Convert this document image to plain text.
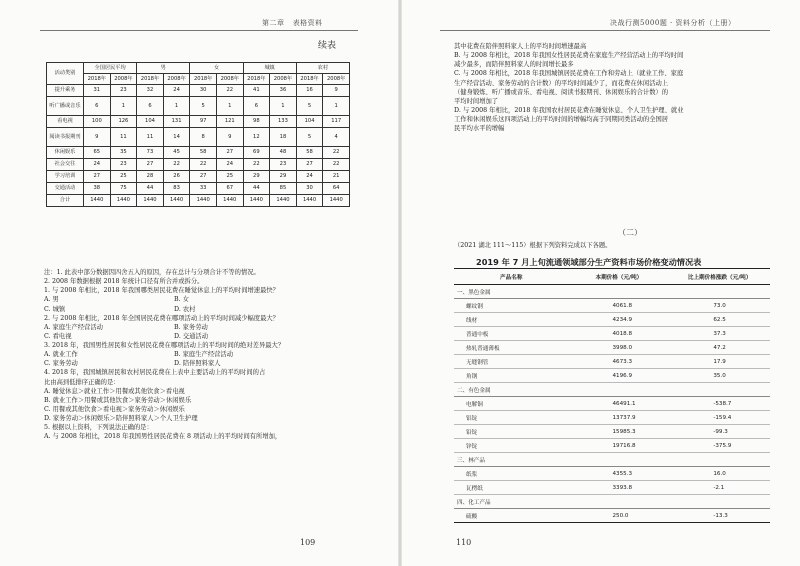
第二章 表格资料
续表
活动类别	全国居民平均		男		女		城镇		农村	
	2018年	2008年	2018年	2008年	2018年	2008年	2018年	2008年	2018年	2008年
提升乘务	31	23	32	24	30	22	41	36	16	9
听广播或音乐	6	1	6	1	5	1	6	1	5	1
看电视	100	126	104	131	97	121	98	133	104	117
阅读书报期刊	9	11	11	14	8	9	12	18	5	4
休闲娱乐	65	35	73	45	58	27	69	48	58	22
社会交往	24	23	27	22	22	24	22	23	27	22
学习培训	27	25	28	26	27	25	29	29	24	21
交通活动	38	75	44	83	33	67	44	85	30	64
合计	1440	1440	1440	1440	1440	1440	1440	1440	1440	1440

注：1. 此表中部分数据因四舍五入的原因，存在总计与分项合计不等的情况。

2. 2008 年数据根据 2018 年统计口径有所合并或拆分。

1. 与 2008 年相比，2018 年我国哪类居民花费在睡觉休息上的平均时间增速最快？

A. 男	B. 女
C. 城镇	D. 农村

2. 与 2008 年相比，2018 年全国居民花费在哪项活动上的平均时间减少幅度最大？

A. 家庭生产经营活动	B. 家务劳动
C. 看电视	D. 交通活动

3. 2018 年，我国男性居民和女性居民花费在哪项活动上的平均时间的绝对差异最大？

A. 就业工作	B. 家庭生产经营活动
C. 家务劳动	D. 陪伴照料家人

4. 2018 年，我国城镇居民和农村居民花费在上表中主要活动上的平均时间的占

比由高到低排序正确的是：

A. 睡觉休息＞就业工作＞用餐或其他饮食＞看电视

B. 就业工作＞用餐或其他饮食＞家务劳动＞休闲娱乐

C. 用餐或其他饮食＞看电视＞家务劳动＞休闲娱乐

D. 家务劳动＞休闲娱乐＞陪伴照料家人＞个人卫生护理

5. 根据以上资料，下列说法正确的是：

A. 与 2008 年相比，2018 年我国男性居民花费在 8 项活动上的平均时间有所增加，

109
决战行测5000题 · 资料分析（上册）

其中花费在陪伴照料家人上的平均时间增速最高

B. 与 2008 年相比，2018 年我国女性居民花费在家庭生产经营活动上的平均时间

减少最多，而陪伴照料家人的时间增长最多

C. 与 2008 年相比，2018 年我国城镇居民花费在工作和劳动上（就业工作、家庭

生产经营活动、家务劳动的合计数）的平均时间减少了，而花费在休闲活动上

（健身锻炼、听广播或音乐、看电视、阅读书报期刊、休闲娱乐的合计数）的

平均时间增加了

D. 与 2008 年相比，2018 年我国农村居民花费在睡觉休息、个人卫生护理、就业

工作和休闲娱乐这四项活动上的平均时间的增幅均高于同期同类活动的全国居

民平均水平的增幅

（二）
（2021 湖北 111～115）根据下列资料完成以下各题。
2019 年 7 月上旬流通领域部分生产资料市场价格变动情况表
产品名称	本期价格（元/吨）	比上期价格涨跌（元/吨）
一、黑色金属		
螺纹钢	4061.8	73.0
线材	4234.9	62.5
普通中板	4018.8	37.3
热轧普通薄板	3998.0	47.2
无缝钢管	4673.3	17.9
角钢	4196.9	35.0
二、有色金属		
电解铜	46491.1	-538.7
铝锭	13737.9	-159.4
铅锭	15985.3	-99.3
锌锭	19716.8	-375.9
三、林产品		
纸浆	4355.3	16.0
瓦楞纸	3393.8	-2.1
四、化工产品		
硫酸	250.0	-13.3
110
